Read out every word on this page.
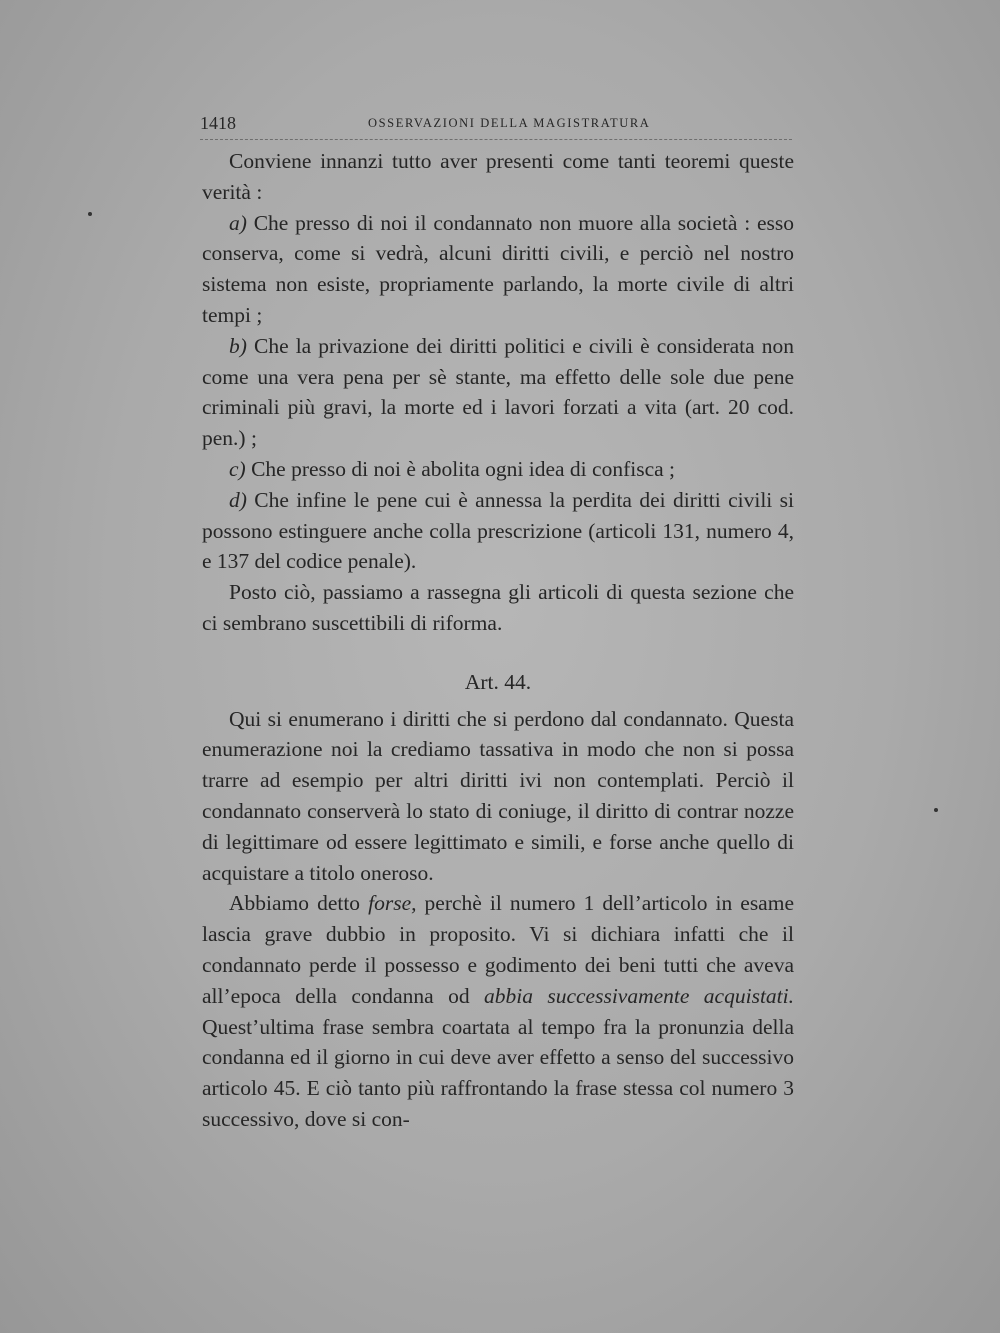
1418	OSSERVAZIONI DELLA MAGISTRATURA

Conviene innanzi tutto aver presenti come tanti teoremi queste verità :

a) Che presso di noi il condannato non muore alla società : esso conserva, come si vedrà, alcuni diritti civili, e perciò nel nostro sistema non esiste, propriamente parlando, la morte civile di altri tempi ;

b) Che la privazione dei diritti politici e civili è considerata non come una vera pena per sè stante, ma effetto delle sole due pene criminali più gravi, la morte ed i lavori forzati a vita (art. 20 cod. pen.) ;

c) Che presso di noi è abolita ogni idea di confisca ;

d) Che infine le pene cui è annessa la perdita dei diritti civili si possono estinguere anche colla prescrizione (articoli 131, numero 4, e 137 del codice penale).

Posto ciò, passiamo a rassegna gli articoli di questa sezione che ci sembrano suscettibili di riforma.

Art. 44.

Qui si enumerano i diritti che si perdono dal condannato. Questa enumerazione noi la crediamo tassativa in modo che non si possa trarre ad esempio per altri diritti ivi non contemplati. Perciò il condannato conserverà lo stato di coniuge, il diritto di contrar nozze di legittimare od essere legittimato e simili, e forse anche quello di acquistare a titolo oneroso.

Abbiamo detto forse, perchè il numero 1 dell’articolo in esame lascia grave dubbio in proposito. Vi si dichiara infatti che il condannato perde il possesso e godimento dei beni tutti che aveva all’epoca della condanna od abbia successivamente acquistati. Quest’ultima frase sembra coartata al tempo fra la pronunzia della condanna ed il giorno in cui deve aver effetto a senso del successivo articolo 45. E ciò tanto più raffrontando la frase stessa col numero 3 successivo, dove si con-
